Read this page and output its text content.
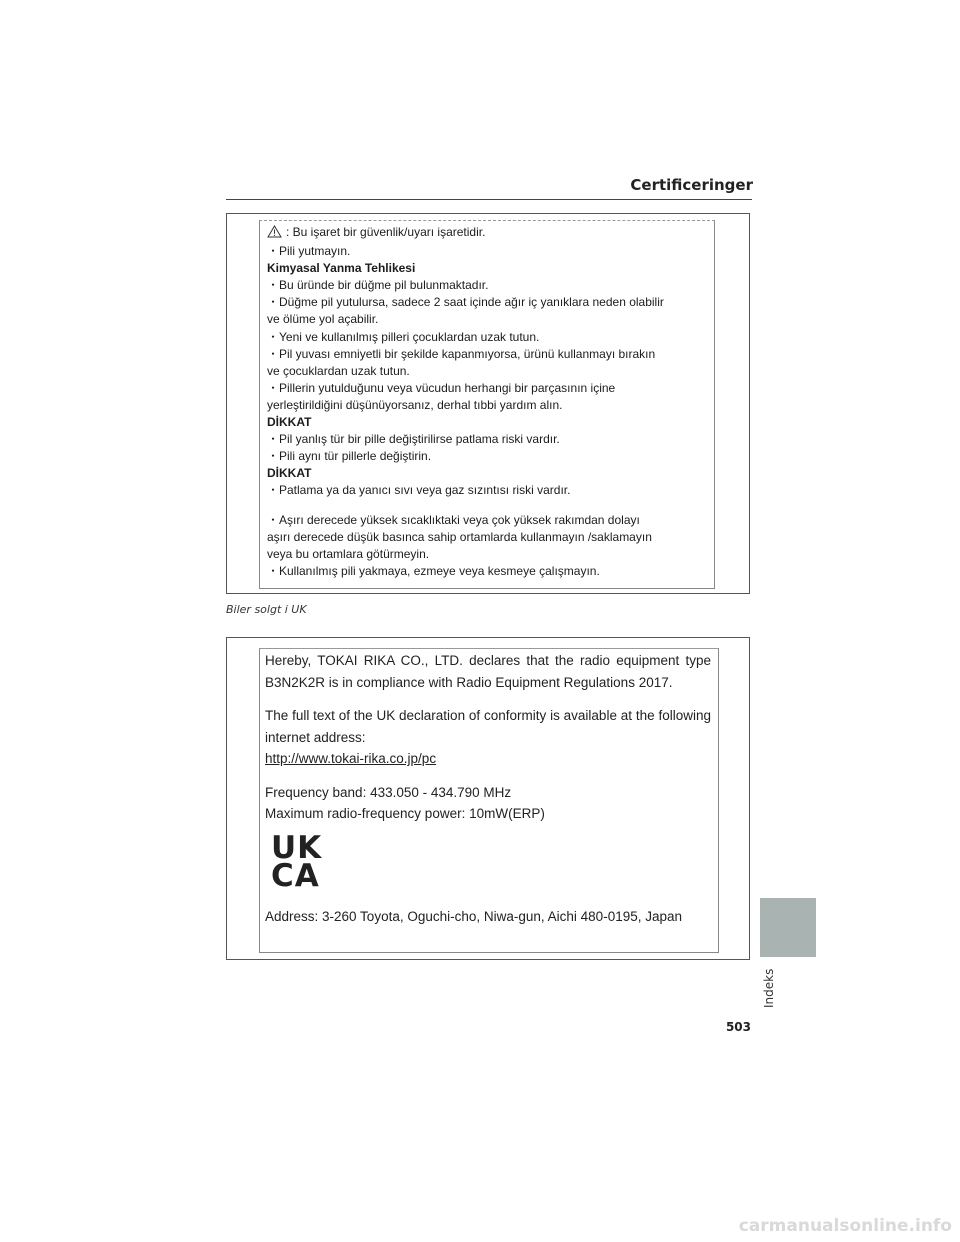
Certificeringer
: Bu işaret bir güvenlik/uyarı işaretidir.
・Pili yutmayın.
Kimyasal Yanma Tehlikesi
・Bu üründe bir düğme pil bulunmaktadır.
・Düğme pil yutulursa, sadece 2 saat içinde ağır iç yanıklara neden olabilir
ve ölüme yol açabilir.
・Yeni ve kullanılmış pilleri çocuklardan uzak tutun.
・Pil yuvası emniyetli bir şekilde kapanmıyorsa, ürünü kullanmayı bırakın
ve çocuklardan uzak tutun.
・Pillerin yutulduğunu veya vücudun herhangi bir parçasının içine
yerleştirildiğini düşünüyorsanız, derhal tıbbi yardım alın.
DİKKAT
・Pil yanlış tür bir pille değiştirilirse patlama riski vardır.
・Pili aynı tür pillerle değiştirin.
DİKKAT
・Patlama ya da yanıcı sıvı veya gaz sızıntısı riski vardır.
・Aşırı derecede yüksek sıcaklıktaki veya çok yüksek rakımdan dolayı
aşırı derecede düşük basınca sahip ortamlarda kullanmayın /saklamayın
veya bu ortamlara götürmeyin.
・Kullanılmış pili yakmaya, ezmeye veya kesmeye çalışmayın.
Biler solgt i UK

Hereby, TOKAI RIKA CO., LTD. declares that the radio equipment type B3N2K2R is in compliance with Radio Equipment Regulations 2017.

The full text of the UK declaration of conformity is available at the following internet address:
http://www.tokai-rika.co.jp/pc

Frequency band: 433.050 - 434.790 MHz
Maximum radio-frequency power: 10mW(ERP)

UK
CA
Address: 3-260 Toyota, Oguchi-cho, Niwa-gun, Aichi 480-0195, Japan
Indeks
503
carmanualsonline.info
